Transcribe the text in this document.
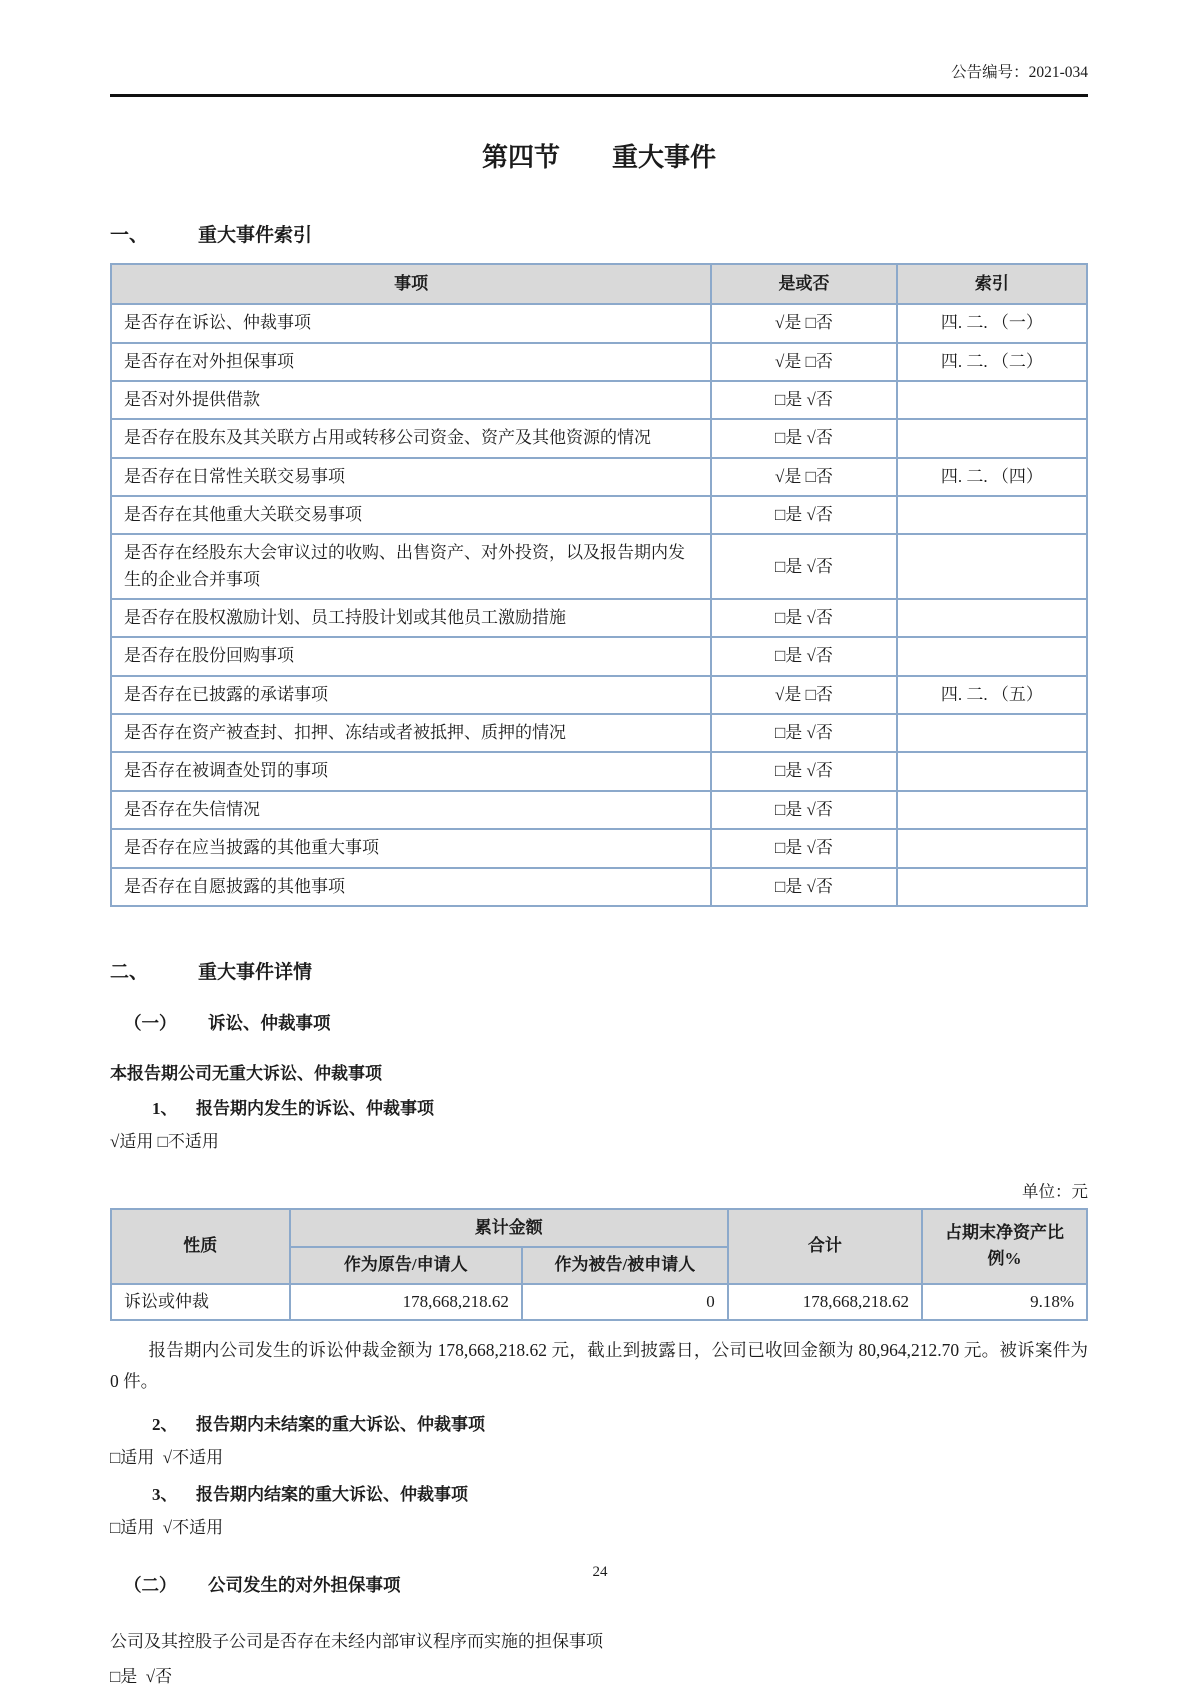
公告编号：2021-034
第四节　　重大事件
一、	重大事件索引
事项	是或否	索引
是否存在诉讼、仲裁事项	√是 □否	四. 二. （一）
是否存在对外担保事项	√是 □否	四. 二. （二）
是否对外提供借款	□是 √否	
是否存在股东及其关联方占用或转移公司资金、资产及其他资源的情况	□是 √否	
是否存在日常性关联交易事项	√是 □否	四. 二. （四）
是否存在其他重大关联交易事项	□是 √否	
是否存在经股东大会审议过的收购、出售资产、对外投资，以及报告期内发生的企业合并事项	□是 √否	
是否存在股权激励计划、员工持股计划或其他员工激励措施	□是 √否	
是否存在股份回购事项	□是 √否	
是否存在已披露的承诺事项	√是 □否	四. 二. （五）
是否存在资产被查封、扣押、冻结或者被抵押、质押的情况	□是 √否	
是否存在被调查处罚的事项	□是 √否	
是否存在失信情况	□是 √否	
是否存在应当披露的其他重大事项	□是 √否	
是否存在自愿披露的其他事项	□是 √否	
二、	重大事件详情
（一）	诉讼、仲裁事项
本报告期公司无重大诉讼、仲裁事项
1、	报告期内发生的诉讼、仲裁事项
√适用 □不适用
单位：元
性质	累计金额		合计	占期末净资产比例%
	作为原告/申请人	作为被告/被申请人		
诉讼或仲裁	178,668,218.62	0	178,668,218.62	9.18%
报告期内公司发生的诉讼仲裁金额为 178,668,218.62 元，截止到披露日，公司已收回金额为 80,964,212.70 元。被诉案件为 0 件。
2、	报告期内未结案的重大诉讼、仲裁事项
□适用  √不适用
3、	报告期内结案的重大诉讼、仲裁事项
□适用  √不适用
（二）	公司发生的对外担保事项
公司及其控股子公司是否存在未经内部审议程序而实施的担保事项
□是  √否
24
